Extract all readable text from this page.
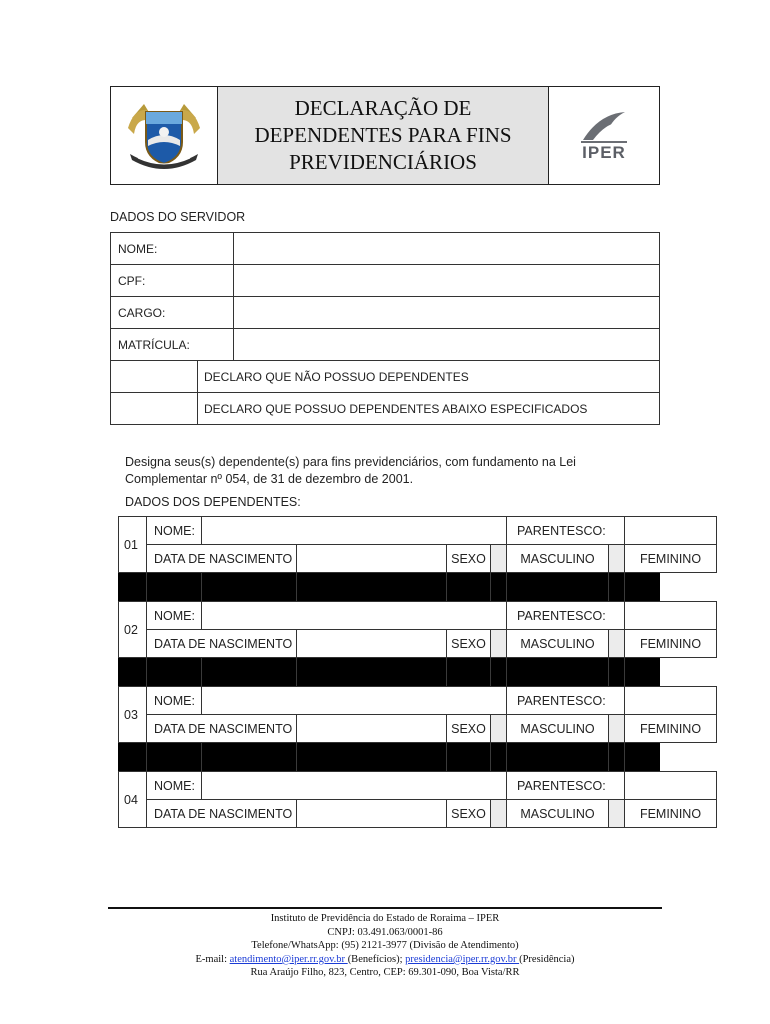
DECLARAÇÃO DE
DEPENDENTES PARA FINS
PREVIDENCIÁRIOS	IPER
DADOS DO SERVIDOR
NOME:		
CPF:		
CARGO:		
MATRÍCULA:		
	DECLARO QUE NÃO POSSUO DEPENDENTES	
	DECLARO QUE POSSUO DEPENDENTES ABAIXO ESPECIFICADOS	
Designa seus(s) dependente(s) para fins previdenciários, com fundamento na Lei
Complementar nº 054, de 31 de dezembro de 2001.
DADOS DOS DEPENDENTES:
01	NOME:					PARENTESCO:		
	DATA DE NASCIMENTO			SEXO		MASCULINO		FEMININO
02	NOME:					PARENTESCO:		
	DATA DE NASCIMENTO			SEXO		MASCULINO		FEMININO
03	NOME:					PARENTESCO:		
	DATA DE NASCIMENTO			SEXO		MASCULINO		FEMININO
04	NOME:					PARENTESCO:		
	DATA DE NASCIMENTO			SEXO		MASCULINO		FEMININO
Instituto de Previdência do Estado de Roraima – IPER
CNPJ: 03.491.063/0001-86
Telefone/WhatsApp: (95) 2121-3977 (Divisão de Atendimento)
E-mail: atendimento@iper.rr.gov.br (Benefícios); presidencia@iper.rr.gov.br (Presidência)
Rua Araújo Filho, 823, Centro, CEP: 69.301-090, Boa Vista/RR
